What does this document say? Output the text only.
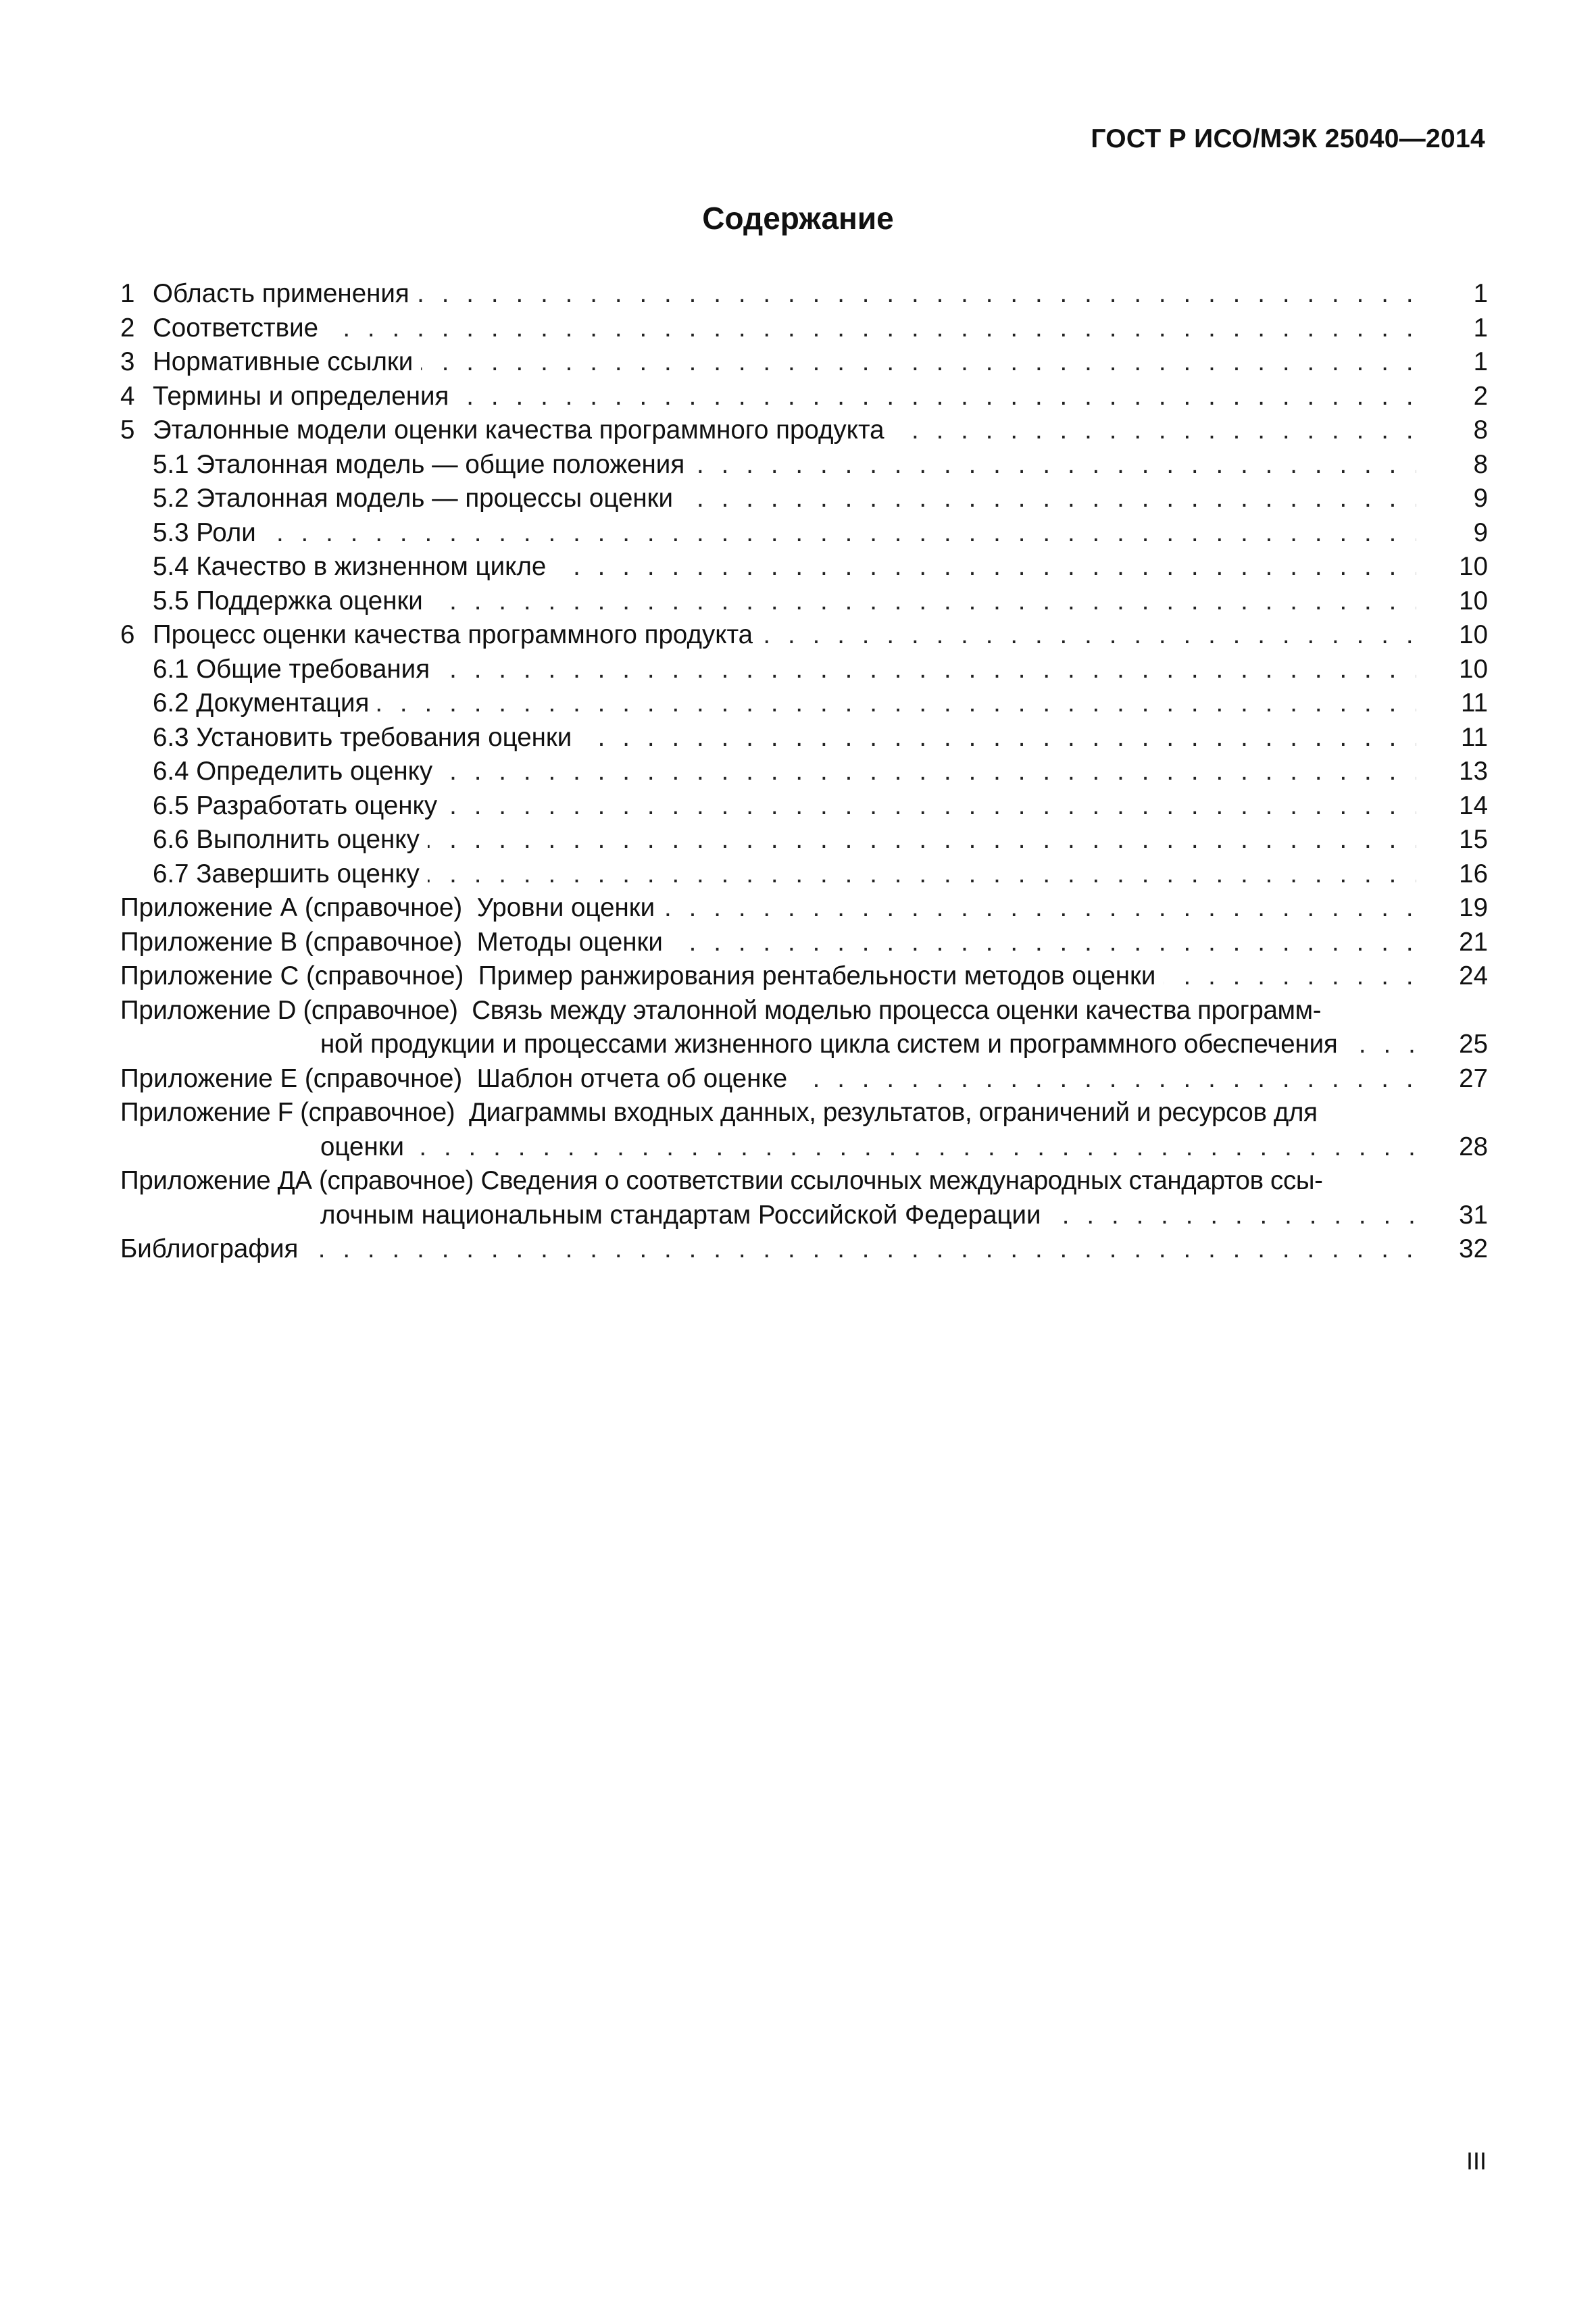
ГОСТ Р ИСО/МЭК 25040—2014
Содержание
1 Область применения . . .	1
2 Соответствие . . .	1
3 Нормативные ссылки . . .	1
4 Термины и определения . . .	2
5 Эталонные модели оценки качества программного продукта . . .	8
5.1 Эталонная модель — общие положения . . .	8
5.2 Эталонная модель — процессы оценки . . .	9
5.3 Роли . . .	9
5.4 Качество в жизненном цикле . . .	10
5.5 Поддержка оценки . . .	10
6 Процесс оценки качества программного продукта . . .	10
6.1 Общие требования . . .	10
6.2 Документация . . .	11
6.3 Установить требования оценки . . .	11
6.4 Определить оценку . . .	13
6.5 Разработать оценку . . .	14
6.6 Выполнить оценку . . .	15
6.7 Завершить оценку . . .	16
Приложение А (справочное)  Уровни оценки . . .	19
Приложение В (справочное)  Методы оценки . . .	21
Приложение С (справочное)  Пример ранжирования рентабельности методов оценки . . .	24
Приложение D (справочное)  Связь между эталонной моделью процесса оценки качества программ-
ной продукции и процессами жизненного цикла систем и программного обеспечения . . .	25
Приложение Е (справочное)  Шаблон отчета об оценке . . .	27
Приложение F (справочное)  Диаграммы входных данных, результатов, ограничений и ресурсов для
оценки . . .	28
Приложение ДА (справочное) Сведения о соответствии ссылочных международных стандартов ссы-
лочным национальным стандартам Российской Федерации . . .	31
Библиография . . .	32
III
